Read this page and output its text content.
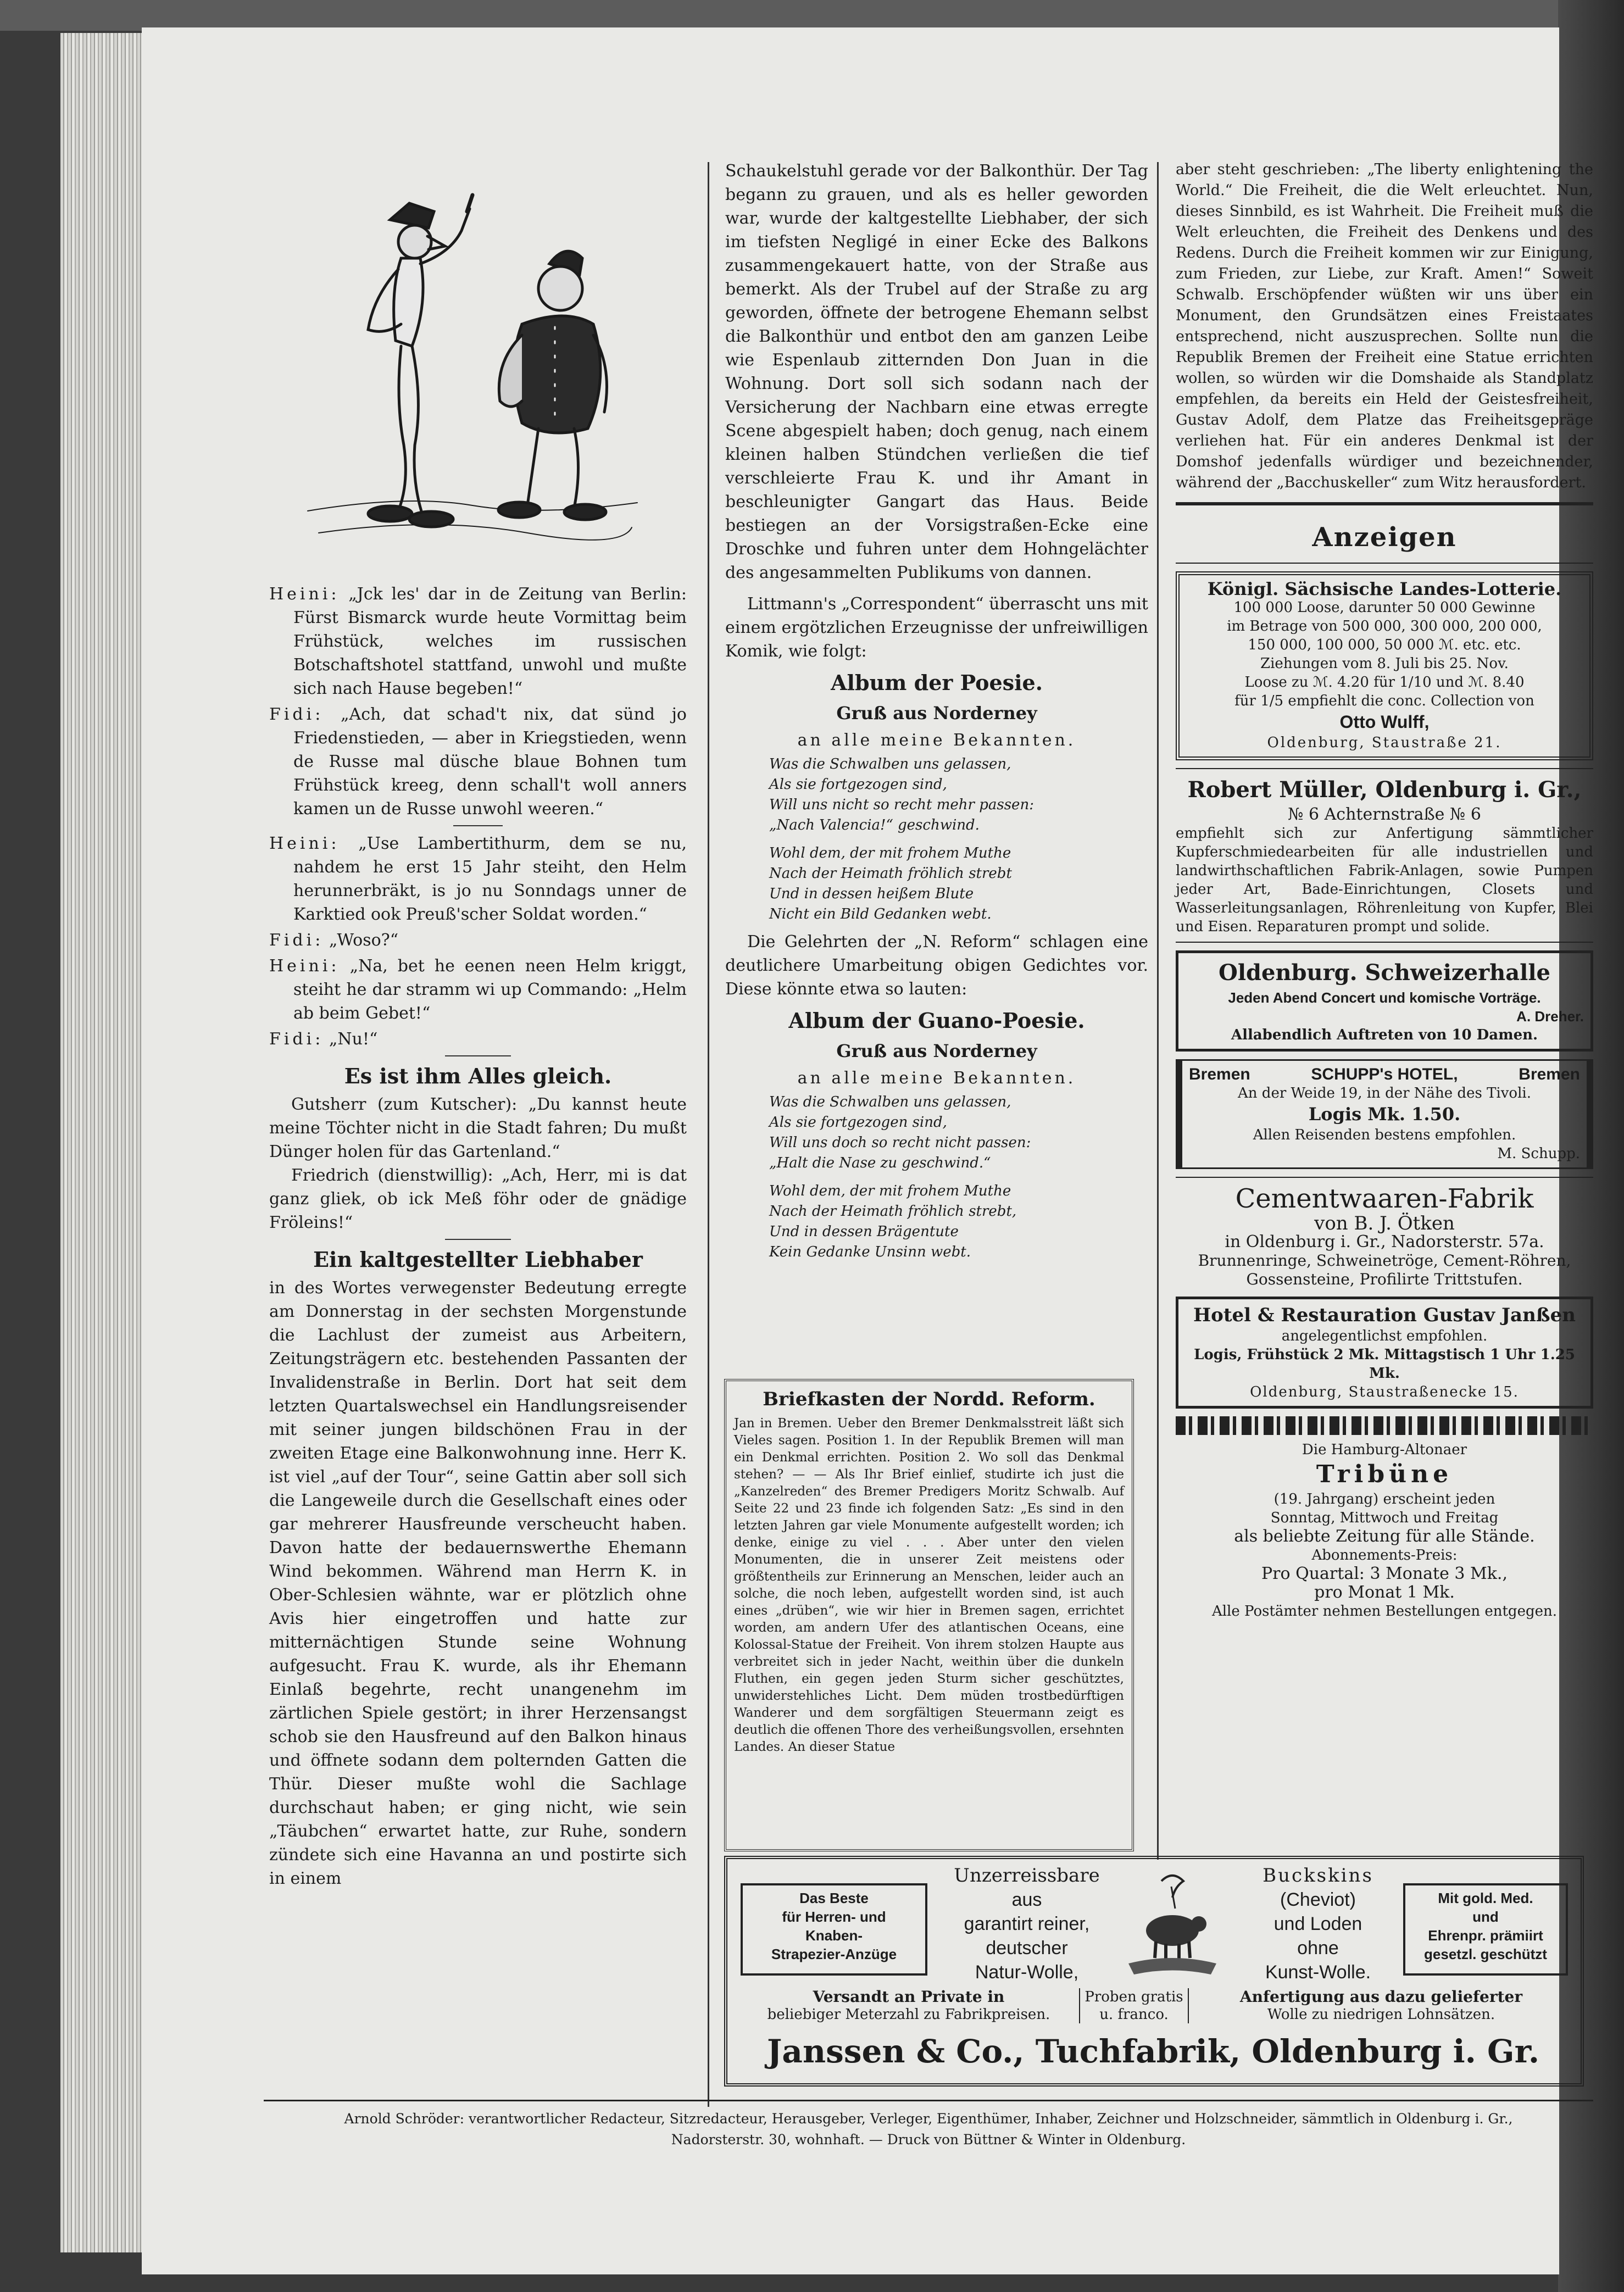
Heini: „Jck les' dar in de Zeitung van Berlin: Fürst Bismarck wurde heute Vormittag beim Frühstück, welches im russischen Botschaftshotel stattfand, unwohl und mußte sich nach Hause begeben!“

Fidi: „Ach, dat schad't nix, dat sünd jo Friedenstieden, — aber in Kriegstieden, wenn de Russe mal düsche blaue Bohnen tum Frühstück kreeg, denn schall't woll anners kamen un de Russe unwohl weeren.“

Heini: „Use Lambertithurm, dem se nu, nahdem he erst 15 Jahr steiht, den Helm herunnerbräkt, is jo nu Sonndags unner de Karktied ook Preuß'scher Soldat worden.“

Fidi: „Woso?“

Heini: „Na, bet he eenen neen Helm kriggt, steiht he dar stramm wi up Commando: „Helm ab beim Gebet!“

Fidi: „Nu!“

Es ist ihm Alles gleich.

Gutsherr (zum Kutscher): „Du kannst heute meine Töchter nicht in die Stadt fahren; Du mußt Dünger holen für das Gartenland.“

Friedrich (dienstwillig): „Ach, Herr, mi is dat ganz gliek, ob ick Meß föhr oder de gnädige Fröleins!“

Ein kaltgestellter Liebhaber
in des Wortes verwegenster Bedeutung erregte am Donnerstag in der sechsten Morgenstunde die Lachlust der zumeist aus Arbeitern, Zeitungsträgern etc. bestehenden Passanten der Invalidenstraße in Berlin. Dort hat seit dem letzten Quartalswechsel ein Handlungsreisender mit seiner jungen bildschönen Frau in der zweiten Etage eine Balkonwohnung inne. Herr K. ist viel „auf der Tour“, seine Gattin aber soll sich die Langeweile durch die Gesellschaft eines oder gar mehrerer Hausfreunde verscheucht haben. Davon hatte der bedauernswerthe Ehemann Wind bekommen. Während man Herrn K. in Ober-Schlesien wähnte, war er plötzlich ohne Avis hier eingetroffen und hatte zur mitternächtigen Stunde seine Wohnung aufgesucht. Frau K. wurde, als ihr Ehemann Einlaß begehrte, recht unangenehm im zärtlichen Spiele gestört; in ihrer Herzensangst schob sie den Hausfreund auf den Balkon hinaus und öffnete sodann dem polternden Gatten die Thür. Dieser mußte wohl die Sachlage durchschaut haben; er ging nicht, wie sein „Täubchen“ erwartet hatte, zur Ruhe, sondern zündete sich eine Havanna an und postirte sich in einem
Schaukelstuhl gerade vor der Balkonthür. Der Tag begann zu grauen, und als es heller geworden war, wurde der kaltgestellte Liebhaber, der sich im tiefsten Negligé in einer Ecke des Balkons zusammengekauert hatte, von der Straße aus bemerkt. Als der Trubel auf der Straße zu arg geworden, öffnete der betrogene Ehemann selbst die Balkonthür und entbot den am ganzen Leibe wie Espenlaub zitternden Don Juan in die Wohnung. Dort soll sich sodann nach der Versicherung der Nachbarn eine etwas erregte Scene abgespielt haben; doch genug, nach einem kleinen halben Stündchen verließen die tief verschleierte Frau K. und ihr Amant in beschleunigter Gangart das Haus. Beide bestiegen an der Vorsigstraßen-Ecke eine Droschke und fuhren unter dem Hohngelächter des angesammelten Publikums von dannen.

Littmann's „Correspondent“ überrascht uns mit einem ergötzlichen Erzeugnisse der unfreiwilligen Komik, wie folgt:

Album der Poesie.
Gruß aus Norderney
an alle meine Bekannten.
Was die Schwalben uns gelassen,
Als sie fortgezogen sind,
Will uns nicht so recht mehr passen:
„Nach Valencia!“ geschwind.
Wohl dem, der mit frohem Muthe
Nach der Heimath fröhlich strebt
Und in dessen heißem Blute
Nicht ein Bild Gedanken webt.

Die Gelehrten der „N. Reform“ schlagen eine deutlichere Umarbeitung obigen Gedichtes vor. Diese könnte etwa so lauten:

Album der Guano-Poesie.
Gruß aus Norderney
an alle meine Bekannten.
Was die Schwalben uns gelassen,
Als sie fortgezogen sind,
Will uns doch so recht nicht passen:
„Halt die Nase zu geschwind.“
Wohl dem, der mit frohem Muthe
Nach der Heimath fröhlich strebt,
Und in dessen Brägentute
Kein Gedanke Unsinn webt.
Briefkasten der Nordd. Reform.
Jan in Bremen. Ueber den Bremer Denkmalsstreit läßt sich Vieles sagen. Position 1. In der Republik Bremen will man ein Denkmal errichten. Position 2. Wo soll das Denkmal stehen? — — Als Ihr Brief einlief, studirte ich just die „Kanzelreden“ des Bremer Predigers Moritz Schwalb. Auf Seite 22 und 23 finde ich folgenden Satz: „Es sind in den letzten Jahren gar viele Monumente aufgestellt worden; ich denke, einige zu viel . . . Aber unter den vielen Monumenten, die in unserer Zeit meistens oder größtentheils zur Erinnerung an Menschen, leider auch an solche, die noch leben, aufgestellt worden sind, ist auch eines „drüben“, wie wir hier in Bremen sagen, errichtet worden, am andern Ufer des atlantischen Oceans, eine Kolossal-Statue der Freiheit. Von ihrem stolzen Haupte aus verbreitet sich in jeder Nacht, weithin über die dunkeln Fluthen, ein gegen jeden Sturm sicher geschütztes, unwiderstehliches Licht. Dem müden trostbedürftigen Wanderer und dem sorgfältigen Steuermann zeigt es deutlich die offenen Thore des verheißungsvollen, ersehnten Landes. An dieser Statue
aber steht geschrieben: „The liberty enlightening the World.“ Die Freiheit, die die Welt erleuchtet. Nun, dieses Sinnbild, es ist Wahrheit. Die Freiheit muß die Welt erleuchten, die Freiheit des Denkens und des Redens. Durch die Freiheit kommen wir zur Einigung, zum Frieden, zur Liebe, zur Kraft. Amen!“ Soweit Schwalb. Erschöpfender wüßten wir uns über ein Monument, den Grundsätzen eines Freistaates entsprechend, nicht auszusprechen. Sollte nun die Republik Bremen der Freiheit eine Statue errichten wollen, so würden wir die Domshaide als Standplatz empfehlen, da bereits ein Held der Geistesfreiheit, Gustav Adolf, dem Platze das Freiheitsgepräge verliehen hat. Für ein anderes Denkmal ist der Domshof jedenfalls würdiger und bezeichnender, während der „Bacchuskeller“ zum Witz herausfordert.
Anzeigen
Königl. Sächsische Landes-Lotterie.
100 000 Loose, darunter 50 000 Gewinne
im Betrage von 500 000, 300 000, 200 000,
150 000, 100 000, 50 000 ℳ. etc. etc.
Ziehungen vom 8. Juli bis 25. Nov.
Loose zu ℳ. 4.20 für 1/10 und ℳ. 8.40
für 1/5 empfiehlt die conc. Collection von
Otto Wulff,
Oldenburg, Staustraße 21.
Robert Müller, Oldenburg i. Gr.,
№ 6 Achternstraße № 6
empfiehlt sich zur Anfertigung sämmtlicher Kupferschmiedearbeiten für alle industriellen und landwirthschaftlichen Fabrik-Anlagen, sowie Pumpen jeder Art, Bade-Einrichtungen, Closets und Wasserleitungsanlagen, Röhrenleitung von Kupfer, Blei und Eisen. Reparaturen prompt und solide.
Oldenburg. Schweizerhalle
Jeden Abend Concert und komische Vorträge.
A. Dreher.
Allabendlich Auftreten von 10 Damen.
Bremen	SCHUPP's HOTEL,	Bremen
An der Weide 19, in der Nähe des Tivoli.
Logis Mk. 1.50.
Allen Reisenden bestens empfohlen.
M. Schupp.
Cementwaaren-Fabrik
von B. J. Ötken
in Oldenburg i. Gr., Nadorsterstr. 57a.
Brunnenringe, Schweinetröge, Cement-Röhren, Gossensteine, Profilirte Trittstufen.
Hotel & Restauration Gustav Janßen
angelegentlichst empfohlen.
Logis, Frühstück 2 Mk. Mittagstisch 1 Uhr 1.25 Mk.
Oldenburg, Staustraßenecke 15.
Die Hamburg-Altonaer
Tribüne
(19. Jahrgang) erscheint jeden
Sonntag, Mittwoch und Freitag
als beliebte Zeitung für alle Stände.
Abonnements-Preis:
Pro Quartal: 3 Monate 3 Mk.,
pro Monat 1 Mk.
Alle Postämter nehmen Bestellungen entgegen.
Das Beste
für Herren- und
Knaben-
Strapezier-Anzüge
Unzerreissbare
aus
garantirt reiner,
deutscher
Natur-Wolle,
Buckskins
(Cheviot)
und Loden
ohne
Kunst-Wolle.
Mit gold. Med.
und
Ehrenpr. prämiirt
gesetzl. geschützt
Versandt an Private in
beliebiger Meterzahl zu Fabrikpreisen.
Proben gratis
u. franco.
Anfertigung aus dazu gelieferter
Wolle zu niedrigen Lohnsätzen.
Janssen & Co., Tuchfabrik, Oldenburg i. Gr.
Arnold Schröder: verantwortlicher Redacteur, Sitzredacteur, Herausgeber, Verleger, Eigenthümer, Inhaber, Zeichner und Holzschneider, sämmtlich in Oldenburg i. Gr.,
Nadorsterstr. 30, wohnhaft. — Druck von Büttner & Winter in Oldenburg.
